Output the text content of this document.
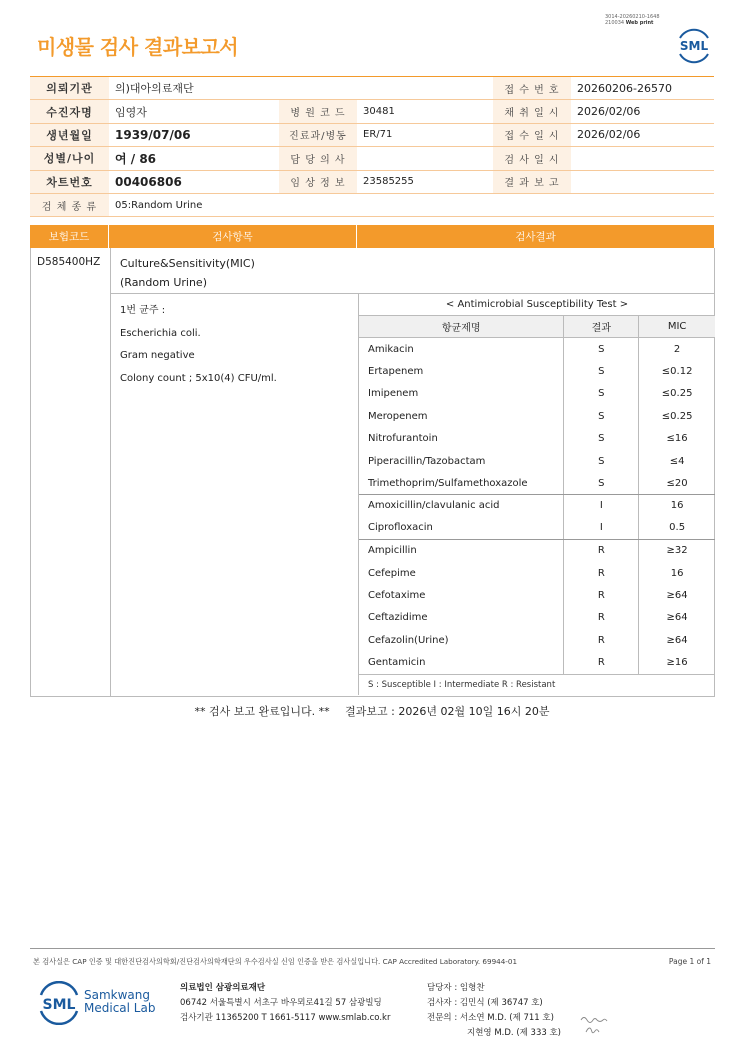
3014-20260210-1648
210034 Web print
미생물 검사 결과보고서	SML
의뢰기관	의)대아의료재단			접 수 번 호	20260206-26570
수진자명	임영자	병 원 코 드	30481	채 취 일 시	2026/02/06
생년월일	1939/07/06	진료과/병동	ER/71	접 수 일 시	2026/02/06
성별/나이	여 / 86	담 당 의 사		검 사 일 시	
차트번호	00406806	임 상 정 보	23585255	결 과 보 고	
검 체 종 류	05:Random Urine				
보험코드	검사항목	검사결과
D585400HZ Culture&Sensitivity(MIC)
(Random Urine)
1번 균주 :
Escherichia coli.
Gram negative
Colony count ; 5x10(4) CFU/ml.
< Antimicrobial Susceptibility Test >
항균제명	결과	MIC
Amikacin	S	2
Ertapenem	S	≤0.12
Imipenem	S	≤0.25
Meropenem	S	≤0.25
Nitrofurantoin	S	≤16
Piperacillin/Tazobactam	S	≤4
Trimethoprim/Sulfamethoxazole	S	≤20
Amoxicillin/clavulanic acid	I	16
Ciprofloxacin	I	0.5
Ampicillin	R	≥32
Cefepime	R	16
Cefotaxime	R	≥64
Ceftazidime	R	≥64
Cefazolin(Urine)	R	≥64
Gentamicin	R	≥16
S : Susceptible I : Intermediate R : Resistant
** 검사 보고 완료입니다. ** 결과보고 : 2026년 02월 10일 16시 20분
본 검사실은 CAP 인증 및 대한진단검사의학회/진단검사의학재단의 우수검사실 신임 인증을 받은 검사실입니다. CAP Accredited Laboratory. 69944-01	Page 1 of 1
SML
Samkwang
Medical Lab
의료법인 삼광의료재단
06742 서울특별시 서초구 바우뫼로41길 57 삼광빌딩
검사기관 11365200 T 1661-5117 www.smlab.co.kr
담당자 : 임형찬
검사자 : 김민식 (제 36747 호)
전문의 : 서소연 M.D. (제 711 호)
지현영 M.D. (제 333 호)
